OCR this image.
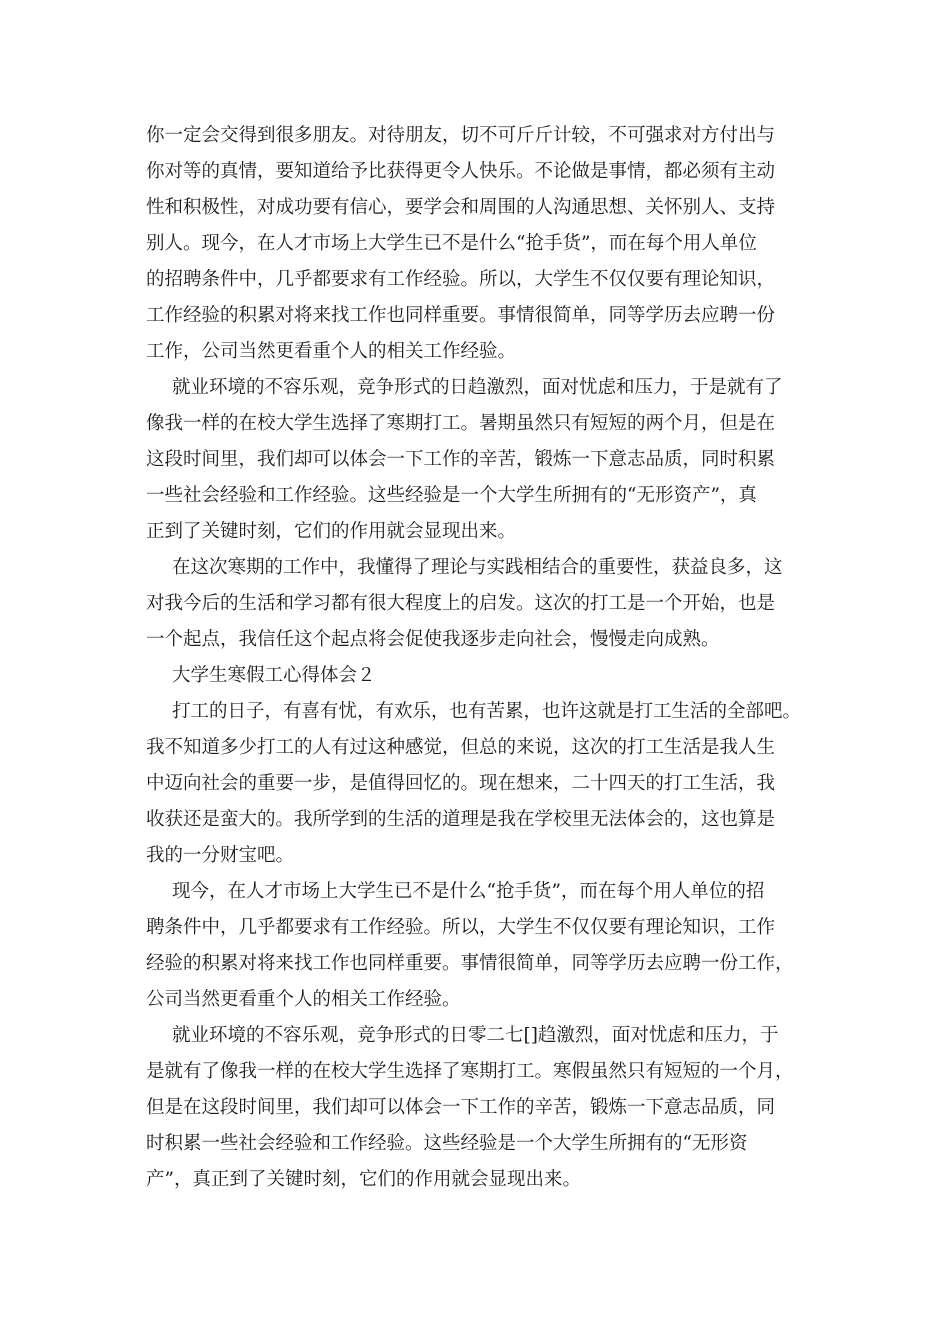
你一定会交得到很多朋友。对待朋友，切不可斤斤计较，不可强求对方付出与
你对等的真情，要知道给予比获得更令人快乐。不论做是事情，都必须有主动
性和积极性，对成功要有信心，要学会和周围的人沟通思想、关怀别人、支持
别人。现今，在人才市场上大学生已不是什么“抢手货”，而在每个用人单位
的招聘条件中，几乎都要求有工作经验。所以，大学生不仅仅要有理论知识，
工作经验的积累对将来找工作也同样重要。事情很简单，同等学历去应聘一份
工作，公司当然更看重个人的相关工作经验。
就业环境的不容乐观，竞争形式的日趋激烈，面对忧虑和压力，于是就有了
像我一样的在校大学生选择了寒期打工。暑期虽然只有短短的两个月，但是在
这段时间里，我们却可以体会一下工作的辛苦，锻炼一下意志品质，同时积累
一些社会经验和工作经验。这些经验是一个大学生所拥有的“无形资产”，真
正到了关键时刻，它们的作用就会显现出来。
在这次寒期的工作中，我懂得了理论与实践相结合的重要性，获益良多，这
对我今后的生活和学习都有很大程度上的启发。这次的打工是一个开始，也是
一个起点，我信任这个起点将会促使我逐步走向社会，慢慢走向成熟。
大学生寒假工心得体会２
打工的日子，有喜有忧，有欢乐，也有苦累，也许这就是打工生活的全部吧。
我不知道多少打工的人有过这种感觉，但总的来说，这次的打工生活是我人生
中迈向社会的重要一步，是值得回忆的。现在想来，二十四天的打工生活，我
收获还是蛮大的。我所学到的生活的道理是我在学校里无法体会的，这也算是
我的一分财宝吧。
现今，在人才市场上大学生已不是什么“抢手货”，而在每个用人单位的招
聘条件中，几乎都要求有工作经验。所以，大学生不仅仅要有理论知识，工作
经验的积累对将来找工作也同样重要。事情很简单，同等学历去应聘一份工作，
公司当然更看重个人的相关工作经验。
就业环境的不容乐观，竞争形式的日零二七[]趋激烈，面对忧虑和压力，于
是就有了像我一样的在校大学生选择了寒期打工。寒假虽然只有短短的一个月，
但是在这段时间里，我们却可以体会一下工作的辛苦，锻炼一下意志品质，同
时积累一些社会经验和工作经验。这些经验是一个大学生所拥有的“无形资
产”，真正到了关键时刻，它们的作用就会显现出来。
